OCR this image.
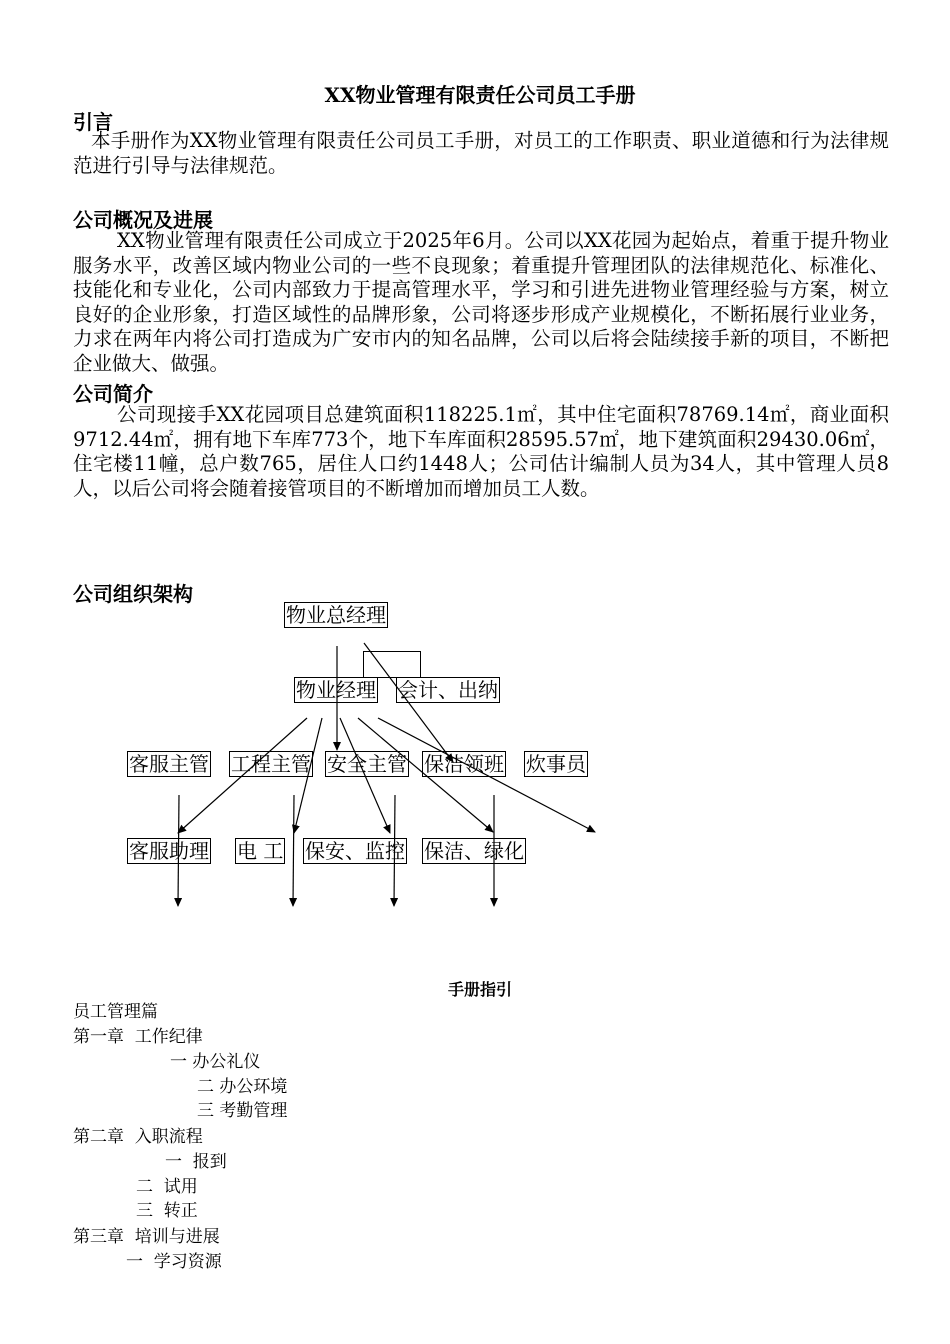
XX物业管理有限责任公司员工手册
引言
本手册作为XX物业管理有限责任公司员工手册，对员工的工作职责、职业道德和行为法律规范进行引导与法律规范。
公司概况及进展
XX物业管理有限责任公司成立于2025年6月。公司以XX花园为起始点，着重于提升物业服务水平，改善区域内物业公司的一些不良现象；着重提升管理团队的法律规范化、标准化、技能化和专业化，公司内部致力于提高管理水平，学习和引进先进物业管理经验与方案，树立良好的企业形象，打造区域性的品牌形象，公司将逐步形成产业规模化，不断拓展行业业务，力求在两年内将公司打造成为广安市内的知名品牌，公司以后将会陆续接手新的项目，不断把企业做大、做强。
公司简介
公司现接手XX花园项目总建筑面积118225.1㎡，其中住宅面积78769.14㎡，商业面积9712.44㎡，拥有地下车库773个，地下车库面积28595.57㎡，地下建筑面积29430.06㎡，住宅楼11幢，总户数765，居住人口约1448人；公司估计编制人员为34人，其中管理人员8人，以后公司将会随着接管项目的不断增加而增加员工人数。
公司组织架构
物业总经理
物业经理 会计、出纳
客服主管 工程主管 安全主管 保洁领班 炊事员
客服助理 电 工 保安、监控 保洁、绿化
手册指引
员工管理篇
第一章  工作纪律
一 办公礼仪
二 办公环境
三 考勤管理
第二章  入职流程
一  报到
二  试用
三  转正
第三章  培训与进展
一  学习资源
